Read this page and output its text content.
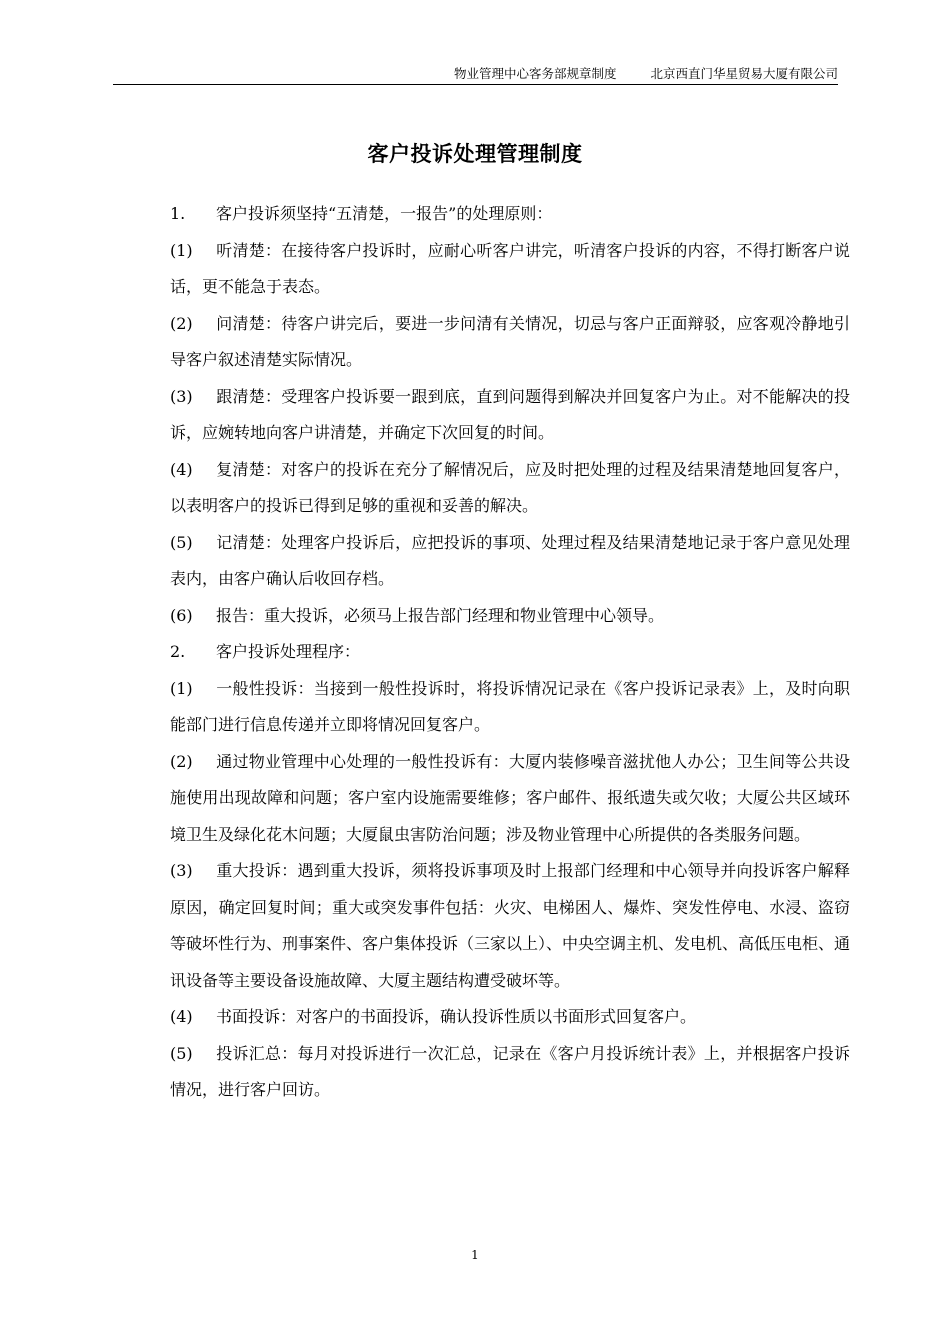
物业管理中心客务部规章制度	北京西直门华星贸易大厦有限公司
客户投诉处理管理制度

1. 客户投诉须坚持“五清楚，一报告”的处理原则：

(1) 听清楚：在接待客户投诉时，应耐心听客户讲完，听清客户投诉的内容，不得打断客户说话，更不能急于表态。

(2) 问清楚：待客户讲完后，要进一步问清有关情况，切忌与客户正面辩驳，应客观冷静地引导客户叙述清楚实际情况。

(3) 跟清楚：受理客户投诉要一跟到底，直到问题得到解决并回复客户为止。对不能解决的投诉，应婉转地向客户讲清楚，并确定下次回复的时间。

(4) 复清楚：对客户的投诉在充分了解情况后，应及时把处理的过程及结果清楚地回复客户，以表明客户的投诉已得到足够的重视和妥善的解决。

(5) 记清楚：处理客户投诉后，应把投诉的事项、处理过程及结果清楚地记录于客户意见处理表内，由客户确认后收回存档。

(6) 报告：重大投诉，必须马上报告部门经理和物业管理中心领导。

2. 客户投诉处理程序：

(1) 一般性投诉：当接到一般性投诉时，将投诉情况记录在《客户投诉记录表》上，及时向职能部门进行信息传递并立即将情况回复客户。

(2) 通过物业管理中心处理的一般性投诉有：大厦内装修噪音滋扰他人办公；卫生间等公共设施使用出现故障和问题；客户室内设施需要维修；客户邮件、报纸遗失或欠收；大厦公共区域环境卫生及绿化花木问题；大厦鼠虫害防治问题；涉及物业管理中心所提供的各类服务问题。

(3) 重大投诉：遇到重大投诉，须将投诉事项及时上报部门经理和中心领导并向投诉客户解释原因，确定回复时间；重大或突发事件包括：火灾、电梯困人、爆炸、突发性停电、水浸、盗窃等破坏性行为、刑事案件、客户集体投诉（三家以上）、中央空调主机、发电机、高低压电柜、通讯设备等主要设备设施故障、大厦主题结构遭受破坏等。

(4) 书面投诉：对客户的书面投诉，确认投诉性质以书面形式回复客户。

(5) 投诉汇总：每月对投诉进行一次汇总，记录在《客户月投诉统计表》上，并根据客户投诉情况，进行客户回访。

1
